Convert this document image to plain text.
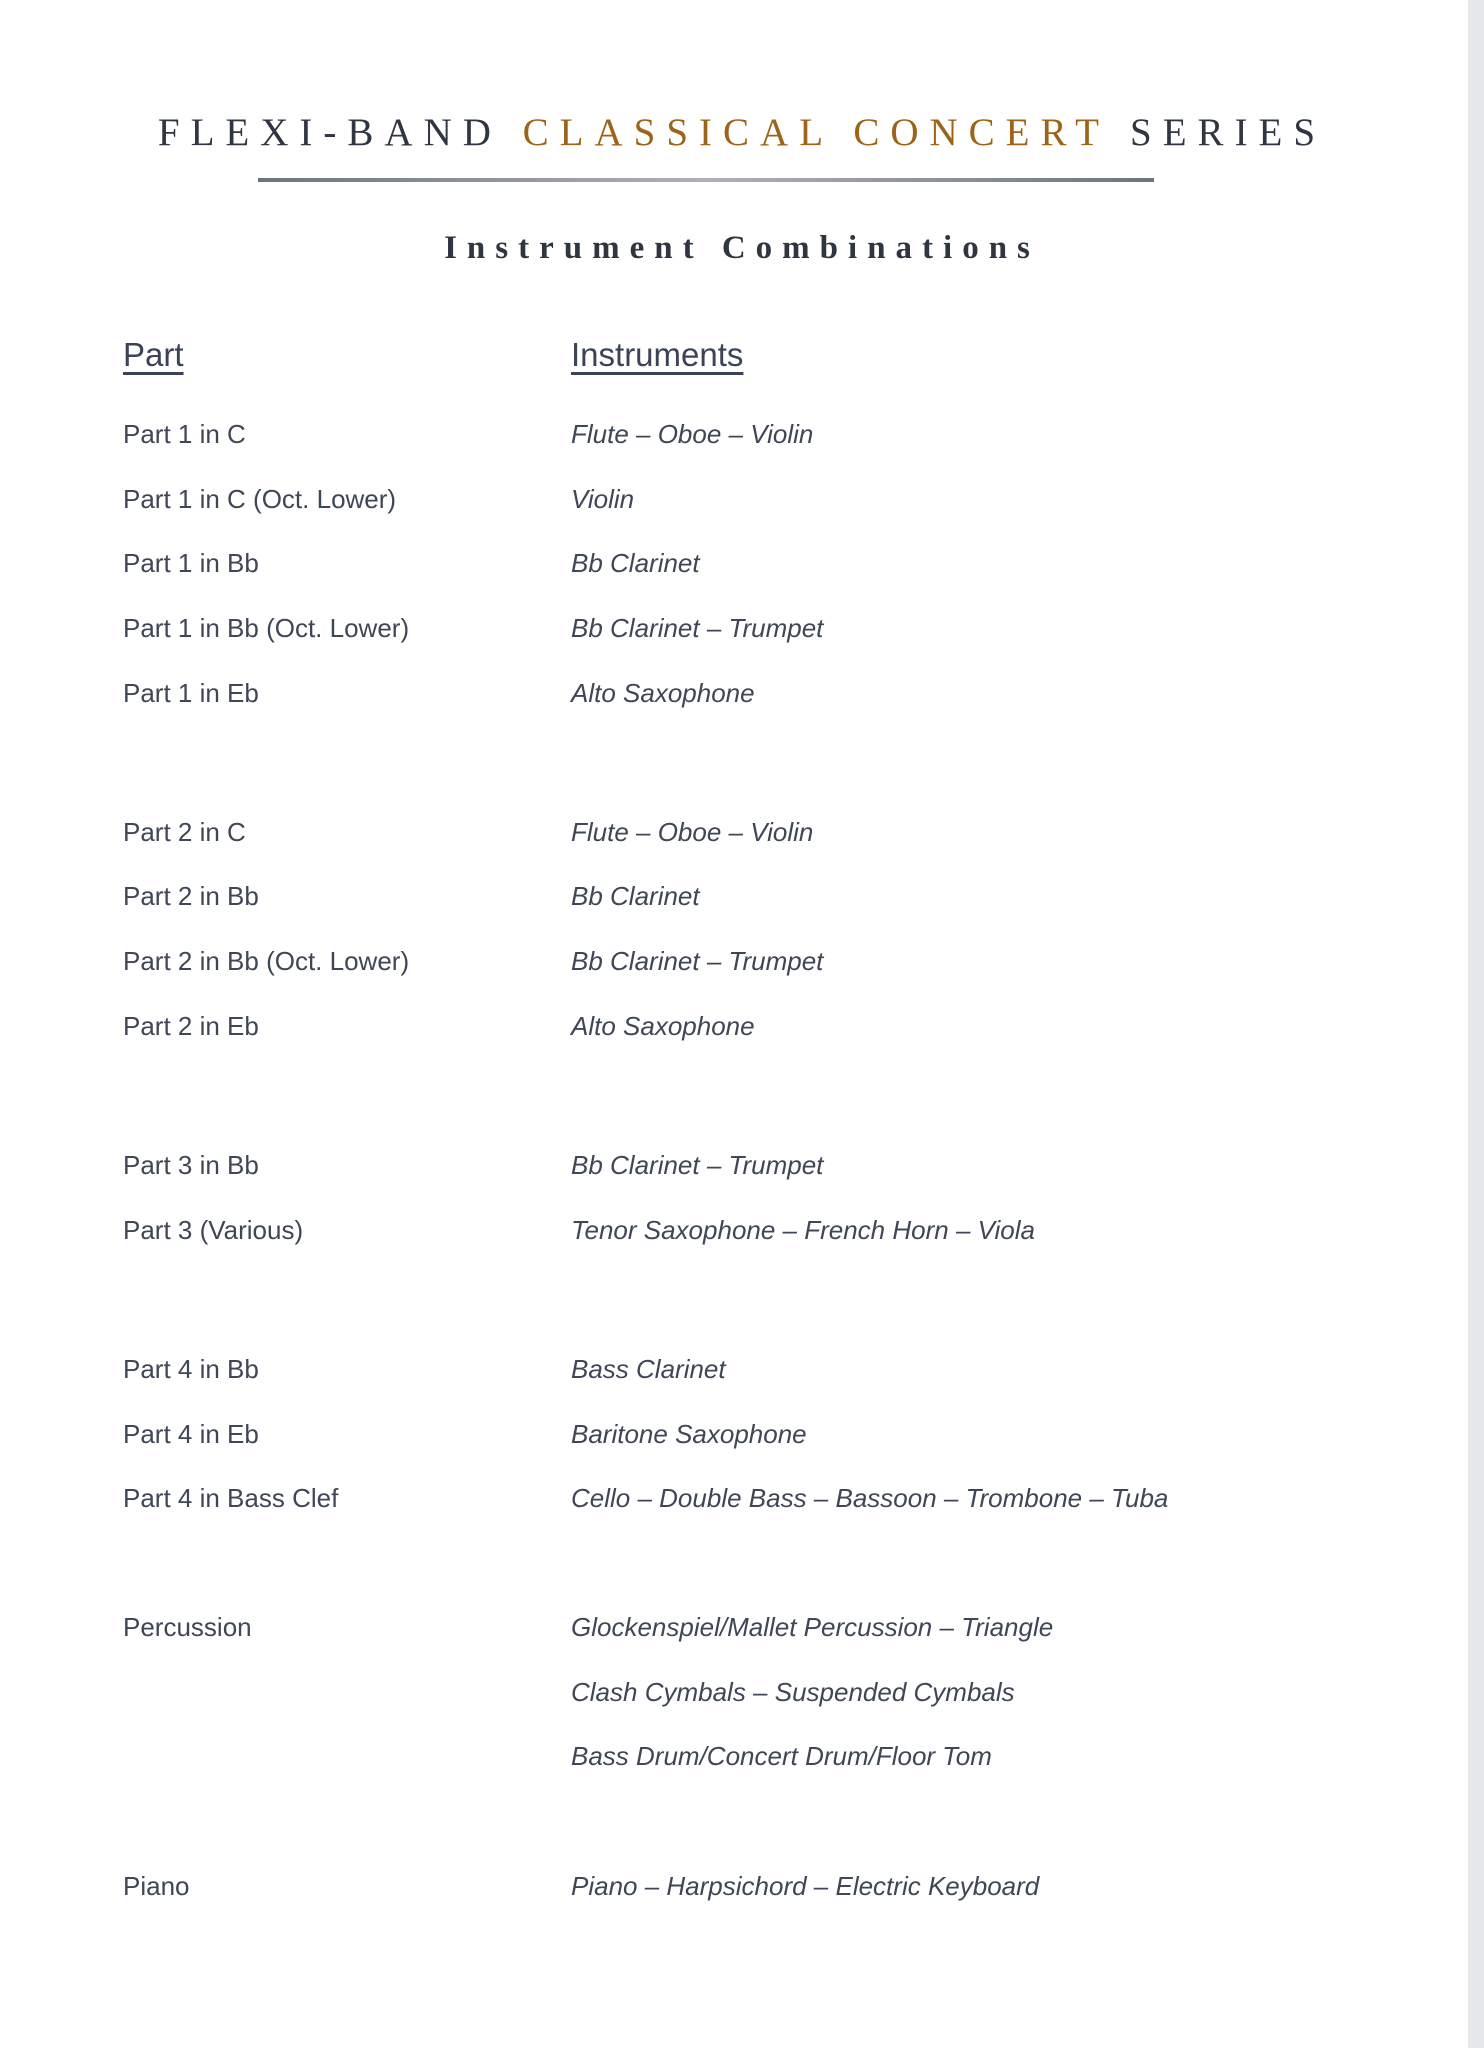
FLEXI-BAND CLASSICAL CONCERT SERIES
Instrument Combinations
Part	Instruments
Part 1 in C	Flute – Oboe – Violin
Part 1 in C (Oct. Lower)	Violin
Part 1 in Bb	Bb Clarinet
Part 1 in Bb (Oct. Lower)	Bb Clarinet – Trumpet
Part 1 in Eb	Alto Saxophone
Part 2 in C	Flute – Oboe – Violin
Part 2 in Bb	Bb Clarinet
Part 2 in Bb (Oct. Lower)	Bb Clarinet – Trumpet
Part 2 in Eb	Alto Saxophone
Part 3 in Bb	Bb Clarinet – Trumpet
Part 3 (Various)	Tenor Saxophone – French Horn – Viola
Part 4 in Bb	Bass Clarinet
Part 4 in Eb	Baritone Saxophone
Part 4 in Bass Clef	Cello – Double Bass – Bassoon – Trombone – Tuba
Percussion	Glockenspiel/Mallet Percussion – Triangle
Clash Cymbals – Suspended Cymbals
Bass Drum/Concert Drum/Floor Tom
Piano	Piano – Harpsichord – Electric Keyboard
